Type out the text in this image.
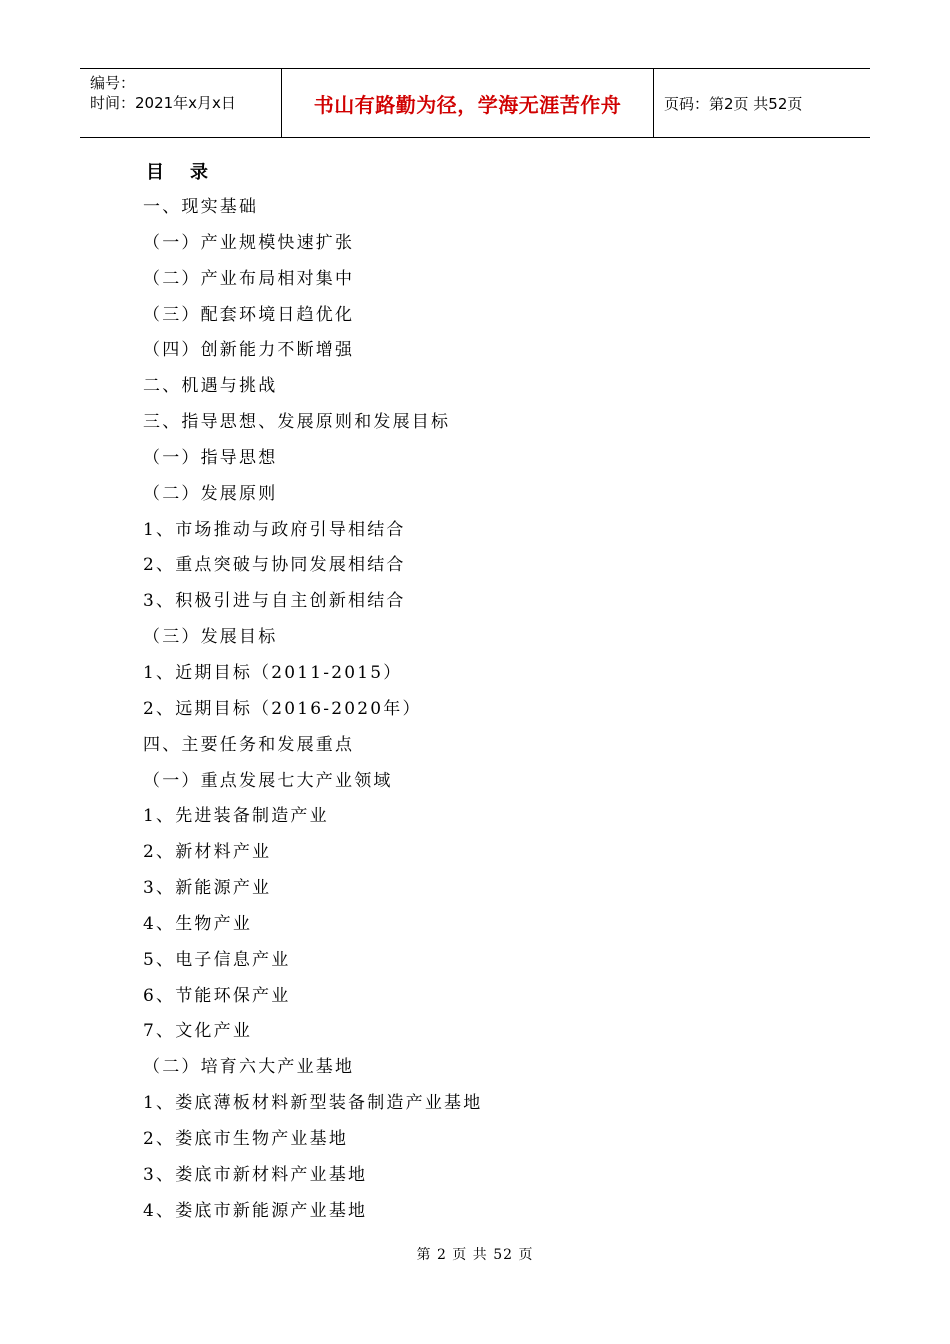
编号：
时间：2021年x月x日	书山有路勤为径，学海无涯苦作舟	页码：第2页 共52页
目录
一、现实基础
（一）产业规模快速扩张
（二）产业布局相对集中
（三）配套环境日趋优化
（四）创新能力不断增强
二、机遇与挑战
三、指导思想、发展原则和发展目标
（一）指导思想
（二）发展原则
1、市场推动与政府引导相结合
2、重点突破与协同发展相结合
3、积极引进与自主创新相结合
（三）发展目标
1、近期目标（2011-2015）
2、远期目标（2016-2020年）
四、主要任务和发展重点
（一）重点发展七大产业领域
1、先进装备制造产业
2、新材料产业
3、新能源产业
4、生物产业
5、电子信息产业
6、节能环保产业
7、文化产业
（二）培育六大产业基地
1、娄底薄板材料新型装备制造产业基地
2、娄底市生物产业基地
3、娄底市新材料产业基地
4、娄底市新能源产业基地
第 2 页 共 52 页
